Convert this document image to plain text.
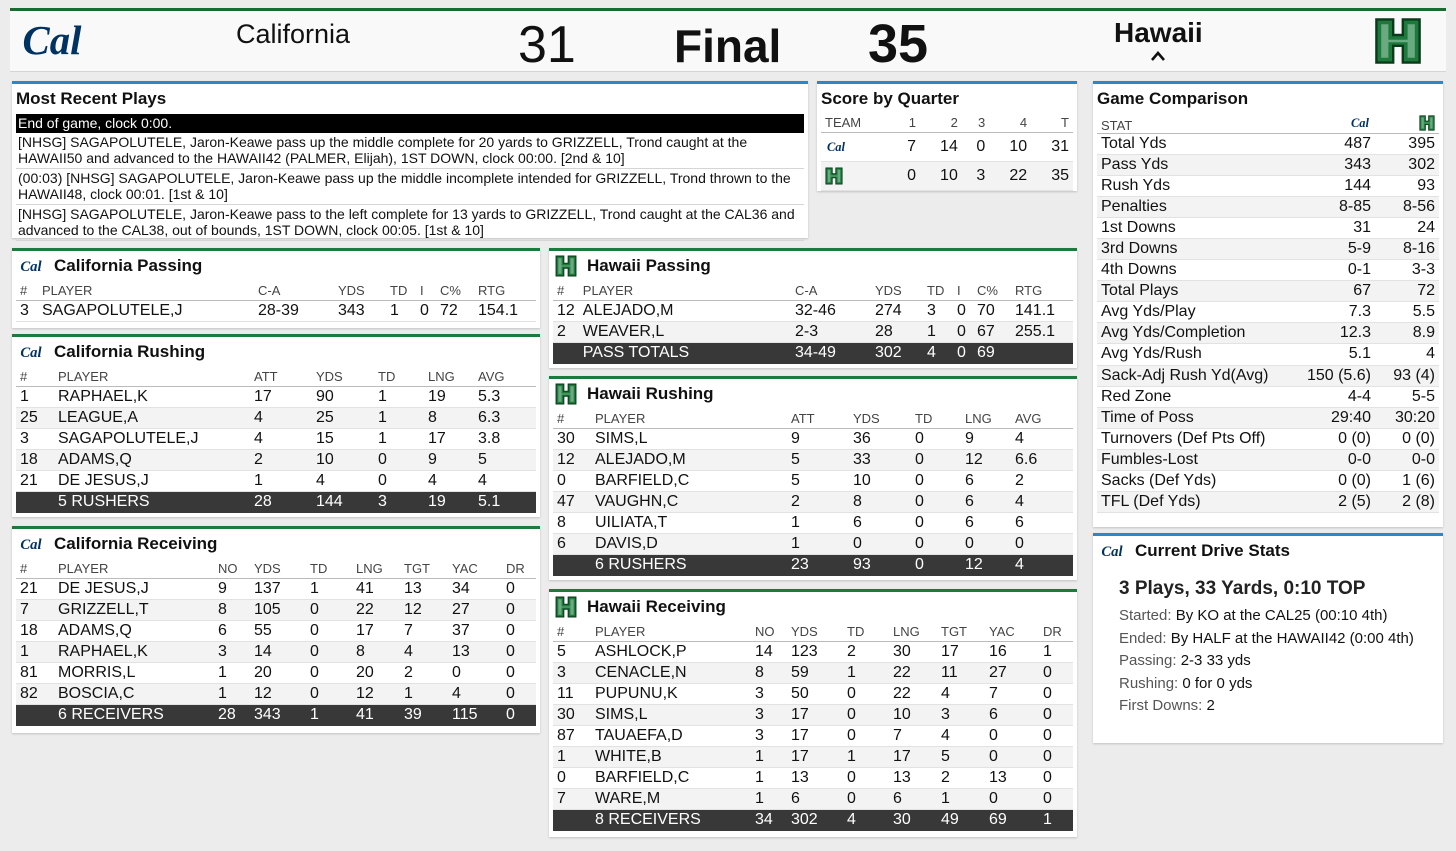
California	31 Final 35	Hawaii
Most Recent Plays
End of game, clock 0:00.
[NHSG] SAGAPOLUTELE, Jaron-Keawe pass up the middle complete for 20 yards to GRIZZELL, Trond caught at the HAWAII50 and advanced to the HAWAII42 (PALMER, Elijah), 1ST DOWN, clock 00:00. [2nd & 10]
(00:03) [NHSG] SAGAPOLUTELE, Jaron-Keawe pass up the middle incomplete intended for GRIZZELL, Trond thrown to the HAWAII48, clock 00:01. [1st & 10]
[NHSG] SAGAPOLUTELE, Jaron-Keawe pass to the left complete for 13 yards to GRIZZELL, Trond caught at the CAL36 and advanced to the CAL38, out of bounds, 1ST DOWN, clock 00:05. [1st & 10]
Score by Quarter
TEAM	1	2	3	4	T

	7	14	0	10	31

	0	10	3	22	35
Game Comparison
STAT	

Total Yds	487	395
Pass Yds	343	302
Rush Yds	144	93
Penalties	8-85	8-56
1st Downs	31	24
3rd Downs	5-9	8-16
4th Downs	0-1	3-3
Total Plays	67	72
Avg Yds/Play	7.3	5.5
Avg Yds/Completion	12.3	8.9
Avg Yds/Rush	5.1	4
Sack-Adj Rush Yd(Avg)	150 (5.6)	93 (4)
Red Zone	4-4	5-5
Time of Poss	29:40	30:20
Turnovers (Def Pts Off)	0 (0)	0 (0)
Fumbles-Lost	0-0	0-0
Sacks (Def Yds)	0 (0)	1 (6)
TFL (Def Yds)	2 (5)	2 (8)
Current Drive Stats
3 Plays, 33 Yards, 0:10 TOP
Started: By KO at the CAL25 (00:10 4th)
Ended: By HALF at the HAWAII42 (0:00 4th)
Passing: 2-3 33 yds
Rushing: 0 for 0 yds
First Downs: 2
California Passing
#	PLAYER	C-A	YDS	TD	I	C%	RTG
3	SAGAPOLUTELE,J	28-39	343	1	0	72	154.1
California Rushing
#	PLAYER	ATT	YDS	TD	LNG	AVG
1	RAPHAEL,K	17	90	1	19	5.3
25	LEAGUE,A	4	25	1	8	6.3
3	SAGAPOLUTELE,J	4	15	1	17	3.8
18	ADAMS,Q	2	10	0	9	5
21	DE JESUS,J	1	4	0	4	4
	5 RUSHERS	28	144	3	19	5.1
California Receiving
#	PLAYER	NO	YDS	TD	LNG	TGT	YAC	DR
21	DE JESUS,J	9	137	1	41	13	34	0
7	GRIZZELL,T	8	105	0	22	12	27	0
18	ADAMS,Q	6	55	0	17	7	37	0
1	RAPHAEL,K	3	14	0	8	4	13	0
81	MORRIS,L	1	20	0	20	2	0	0
82	BOSCIA,C	1	12	0	12	1	4	0
	6 RECEIVERS	28	343	1	41	39	115	0
Hawaii Passing
#	PLAYER	C-A	YDS	TD	I	C%	RTG
12	ALEJADO,M	32-46	274	3	0	70	141.1
2	WEAVER,L	2-3	28	1	0	67	255.1
	PASS TOTALS	34-49	302	4	0	69	
Hawaii Rushing
#	PLAYER	ATT	YDS	TD	LNG	AVG
30	SIMS,L	9	36	0	9	4
12	ALEJADO,M	5	33	0	12	6.6
0	BARFIELD,C	5	10	0	6	2
47	VAUGHN,C	2	8	0	6	4
8	UILIATA,T	1	6	0	6	6
6	DAVIS,D	1	0	0	0	0
	6 RUSHERS	23	93	0	12	4
Hawaii Receiving
#	PLAYER	NO	YDS	TD	LNG	TGT	YAC	DR
5	ASHLOCK,P	14	123	2	30	17	16	1
3	CENACLE,N	8	59	1	22	11	27	0
11	PUPUNU,K	3	50	0	22	4	7	0
30	SIMS,L	3	17	0	10	3	6	0
87	TAUAEFA,D	3	17	0	7	4	0	0
1	WHITE,B	1	17	1	17	5	0	0
0	BARFIELD,C	1	13	0	13	2	13	0
7	WARE,M	1	6	0	6	1	0	0
	8 RECEIVERS	34	302	4	30	49	69	1
